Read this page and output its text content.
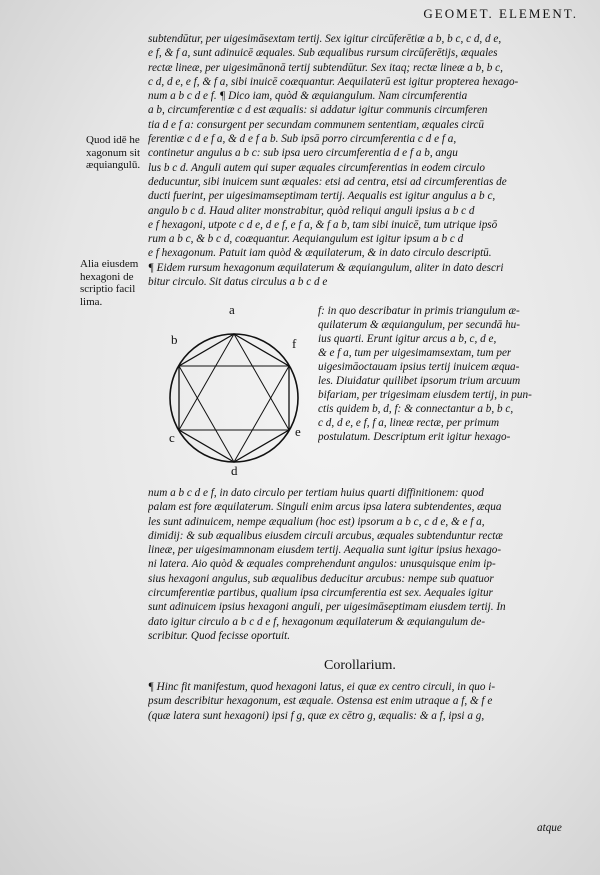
GEOMET. ELEMENT.
Quod idē he
xagonum sit
æquiangulū.
Alia eiusdem
hexagoni de
scriptio facil
lima.
subtendūtur, per uigesimāsextam tertij. Sex igitur circūferētiæ a b, b c, c d, d e,
e f, & f a, sunt adinuicē æquales. Sub æqualibus rursum circūferētijs, æquales
rectæ lineæ, per uigesimānonā tertij subtendūtur. Sex itaq; rectæ lineæ a b, b c,
c d, d e, e f, & f a, sibi inuicē coæquantur. Aequilaterū est igitur propterea hexago-
num a b c d e f. ¶ Dico iam, quòd & æquiangulum. Nam circumferentia
a b, circumferentiæ c d est æqualis: si addatur igitur communis circumferen
tia d e f a: consurgent per secundam communem sententiam, æquales circū
ferentiæ c d e f a, & d e f a b. Sub ipsā porro circumferentia c d e f a,
continetur angulus a b c: sub ipsa uero circumferentia d e f a b, angu
lus b c d. Anguli autem qui super æquales circumferentias in eodem circulo
deducuntur, sibi inuicem sunt æquales: etsi ad centra, etsi ad circumferentias de
ducti fuerint, per uigesimamseptimam tertij. Aequalis est igitur angulus a b c,
angulo b c d. Haud aliter monstrabitur, quòd reliqui anguli ipsius a b c d
e f hexagoni, utpote c d e, d e f, e f a, & f a b, tam sibi inuicē, tum utrique ipsō
rum a b c, & b c d, coæquantur. Aequiangulum est igitur ipsum a b c d
e f hexagonum. Patuit iam quòd & æquilaterum, & in dato circulo descriptū.
¶ Eidem rursum hexagonum æquilaterum & æquiangulum, aliter in dato descri
bitur circulo. Sit datus circulus a b c d e
a
b
c
d
e
f
f: in quo describatur in primis triangulum æ-
quilaterum & æquiangulum, per secundā hu-
ius quarti. Erunt igitur arcus a b, c, d e,
& e f a, tum per uigesimamsextam, tum per
uigesimāoctauam ipsius tertij inuicem æqua-
les. Diuidatur quilibet ipsorum trium arcuum
bifariam, per trigesimam eiusdem tertij, in pun-
ctis quidem b, d, f: & connectantur a b, b c,
c d, d e, e f, f a, lineæ rectæ, per primum
postulatum. Descriptum erit igitur hexago-
num a b c d e f, in dato circulo per tertiam huius quarti diffinitionem: quod
palam est fore æquilaterum. Singuli enim arcus ipsa latera subtendentes, æqua
les sunt adinuicem, nempe æqualium (hoc est) ipsorum a b c, c d e, & e f a,
dimidij: & sub æqualibus eiusdem circuli arcubus, æquales subtenduntur rectæ
lineæ, per uigesimamnonam eiusdem tertij. Aequalia sunt igitur ipsius hexago-
ni latera. Aio quòd & æquales comprehendunt angulos: unusquisque enim ip-
sius hexagoni angulus, sub æqualibus deducitur arcubus: nempe sub quatuor
circumferentiæ partibus, qualium ipsa circumferentia est sex. Aequales igitur
sunt adinuicem ipsius hexagoni anguli, per uigesimāseptimam eiusdem tertij. In
dato igitur circulo a b c d e f, hexagonum æquilaterum & æquiangulum de-
scribitur. Quod fecisse oportuit.
Corollarium.
¶ Hinc fit manifestum, quod hexagoni latus, ei quæ ex centro circuli, in quo i-
psum describitur hexagonum, est æquale. Ostensa est enim utraque a f, & f e
(quæ latera sunt hexagoni) ipsi f g, quæ ex cētro g, æqualis: & a f, ipsi a g,
atque
